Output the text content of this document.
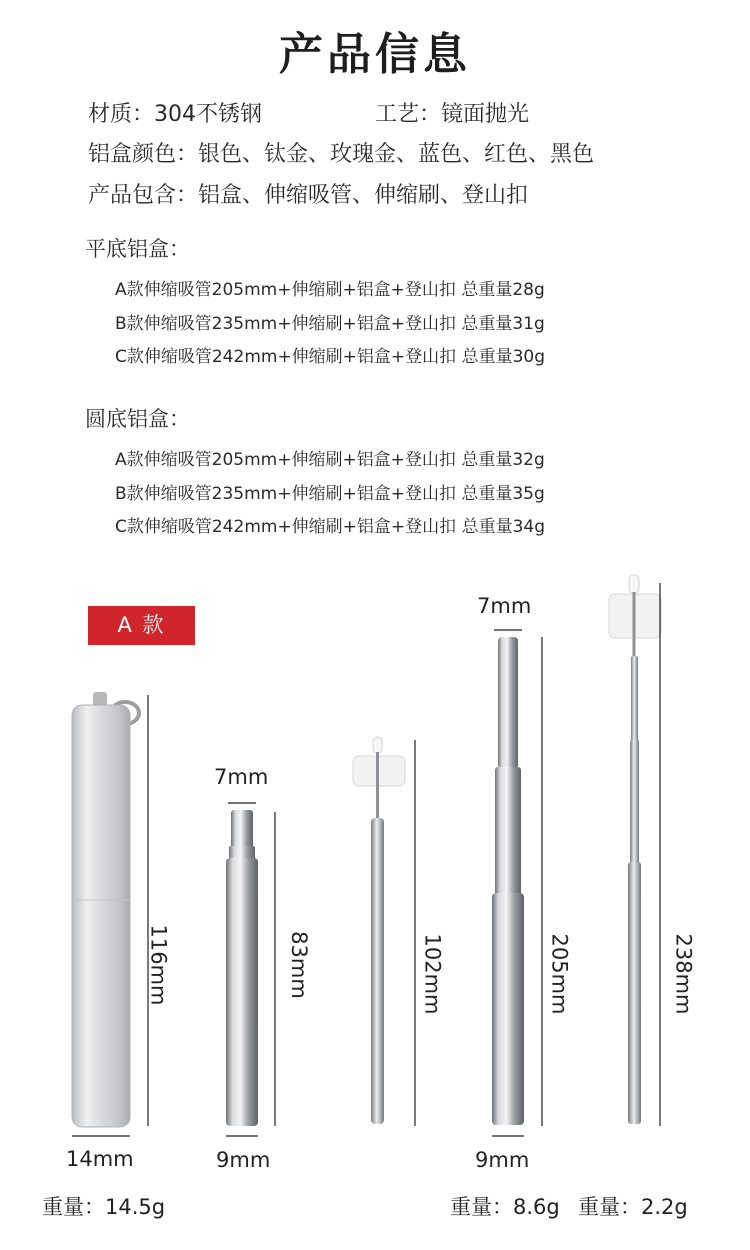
产品信息
材质：304不锈钢	工艺：镜面抛光
铝盒颜色：银色、钛金、玫瑰金、蓝色、红色、黑色
产品包含：铝盒、伸缩吸管、伸缩刷、登山扣
平底铝盒：
A款伸缩吸管205mm+伸缩刷+铝盒+登山扣 总重量28g
B款伸缩吸管235mm+伸缩刷+铝盒+登山扣 总重量31g
C款伸缩吸管242mm+伸缩刷+铝盒+登山扣 总重量30g
圆底铝盒：
A款伸缩吸管205mm+伸缩刷+铝盒+登山扣 总重量32g
B款伸缩吸管235mm+伸缩刷+铝盒+登山扣 总重量35g
C款伸缩吸管242mm+伸缩刷+铝盒+登山扣 总重量34g
A 款
7mm
7mm
116mm	83mm	102mm	205mm	238mm
14mm	9mm	9mm
重量：14.5g	重量：8.6g 重量：2.2g
